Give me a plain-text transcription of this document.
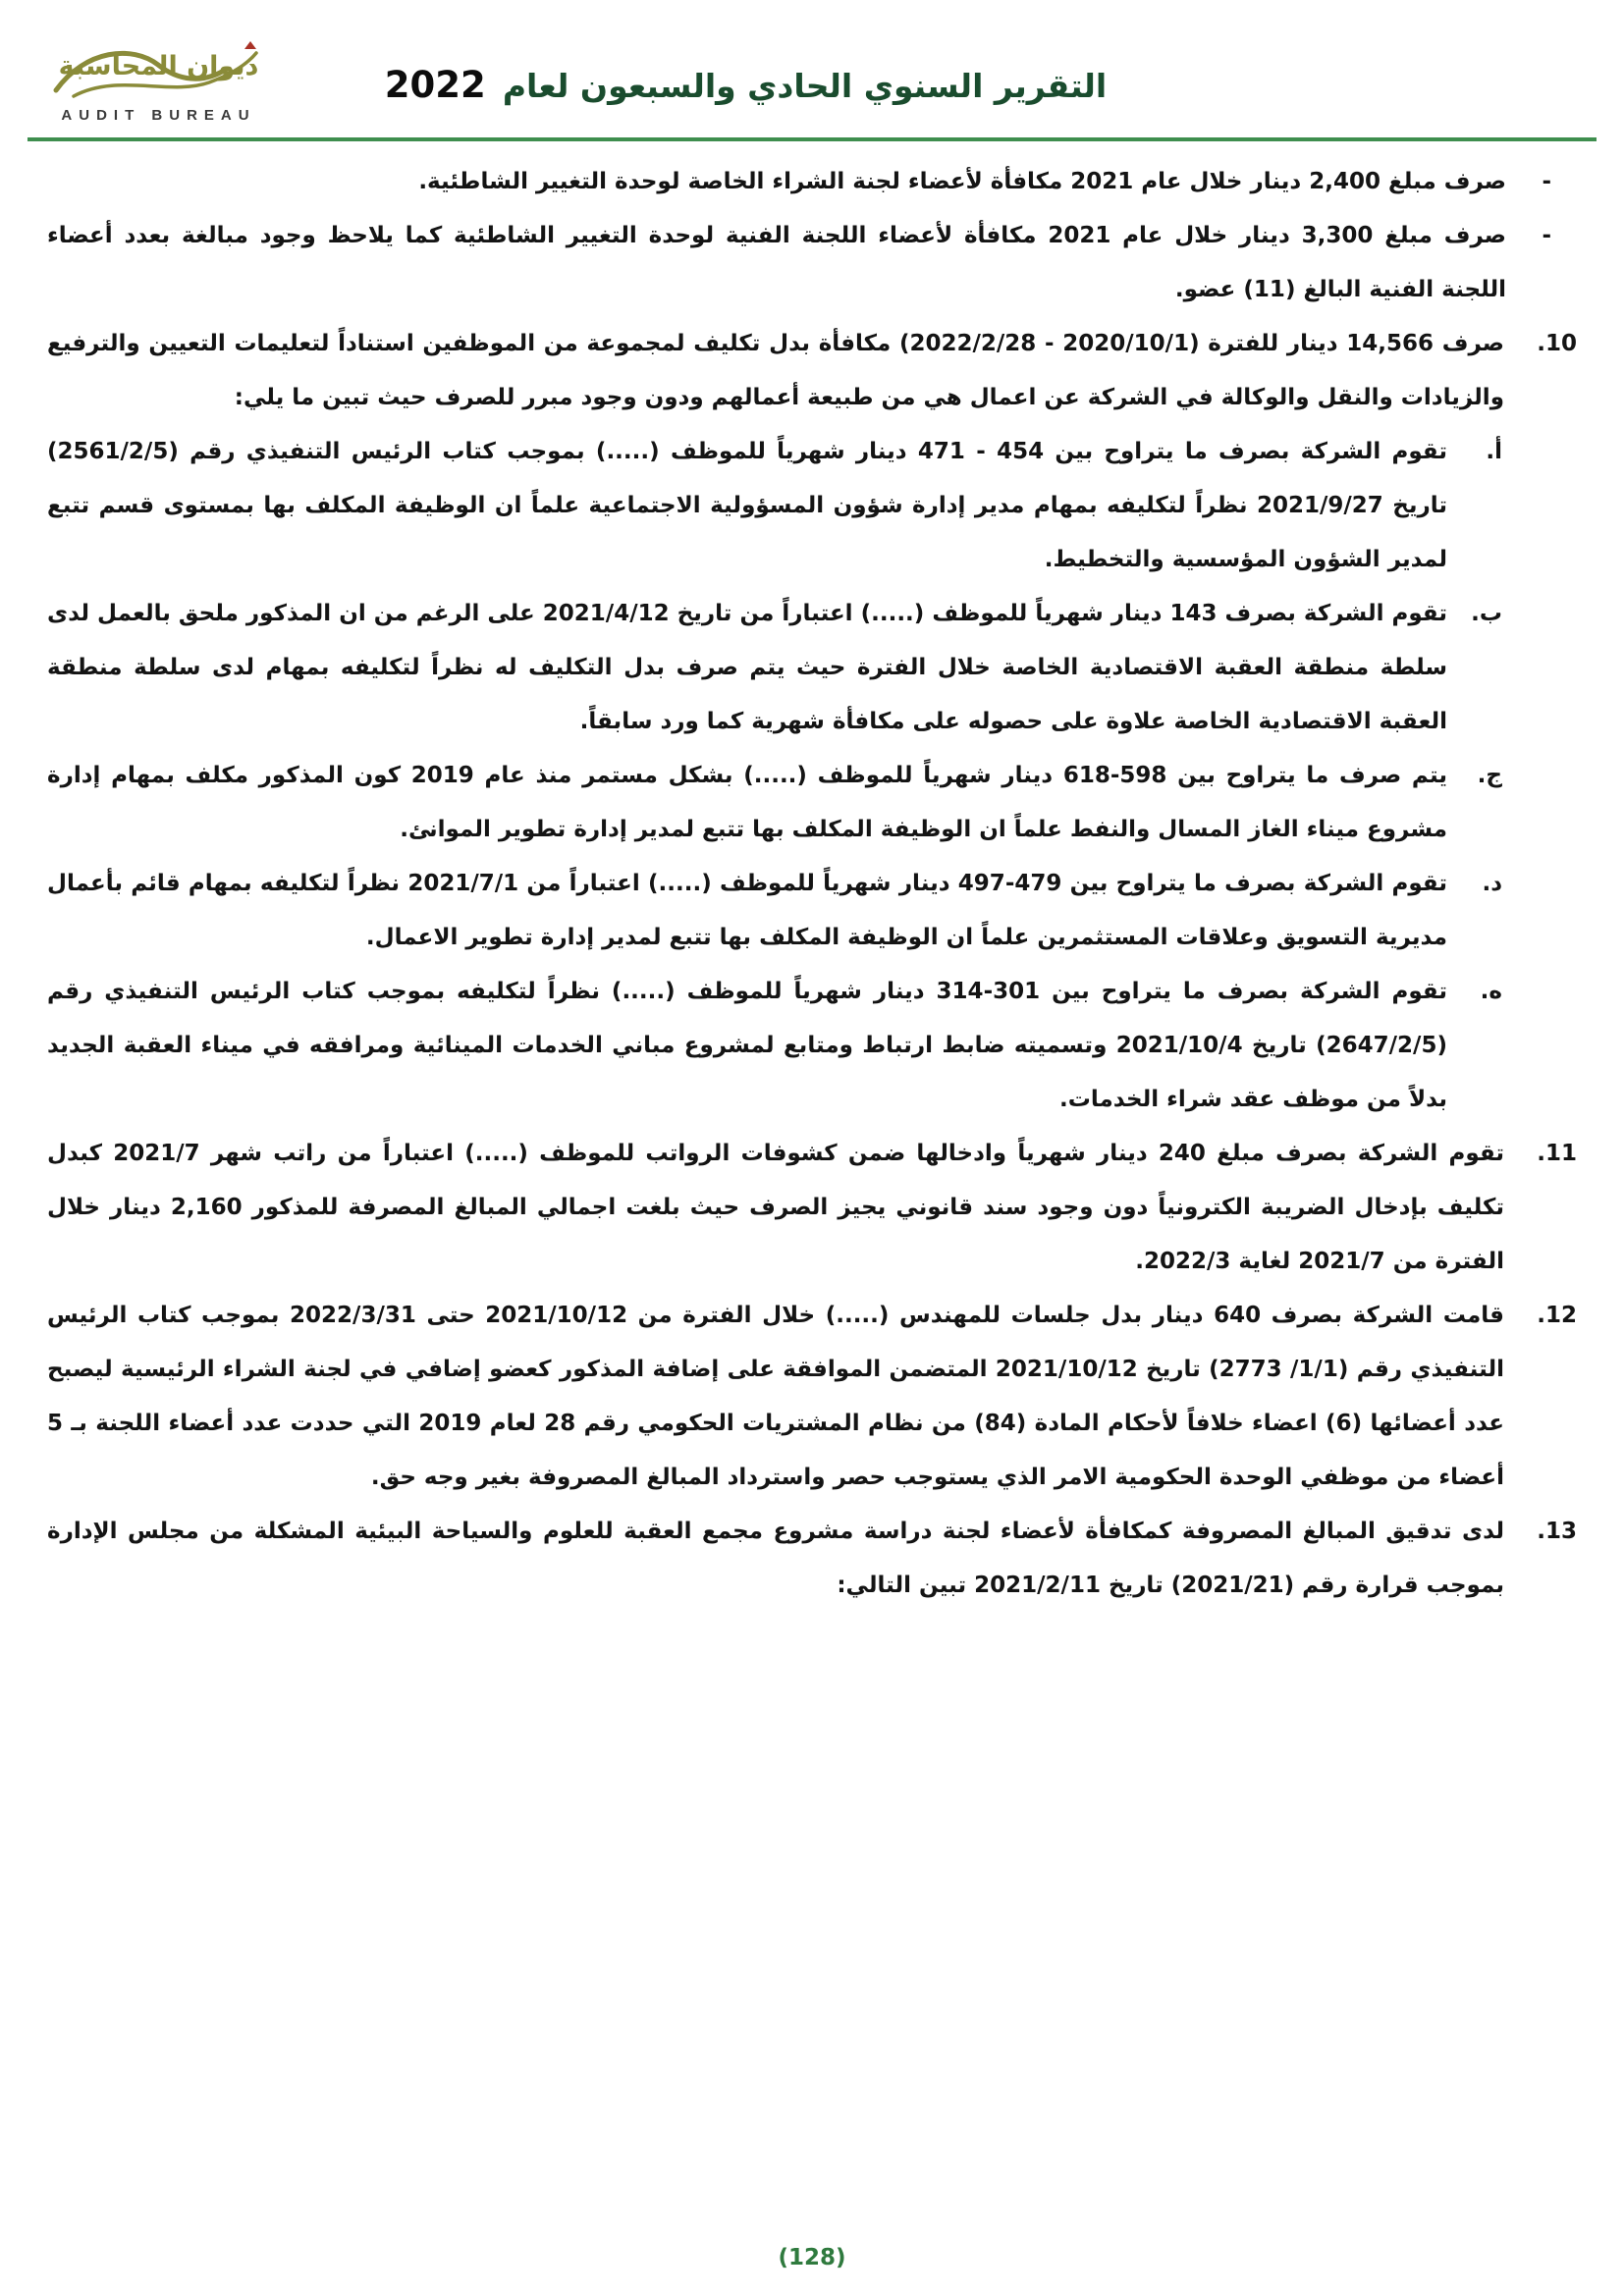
ديوان المحاسبة
AUDIT BUREAU
التقرير السنوي الحادي والسبعون لعام 2022
-

صرف مبلغ 2,400 دينار خلال عام 2021 مكافأة لأعضاء لجنة الشراء الخاصة لوحدة التغيير الشاطئية.

-

صرف مبلغ 3,300 دينار خلال عام 2021 مكافأة لأعضاء اللجنة الفنية لوحدة التغيير الشاطئية كما يلاحظ وجود مبالغة بعدد أعضاء اللجنة الفنية البالغ (11) عضو.

10.

صرف 14,566 دينار للفترة (2020/10/1 - 2022/2/28) مكافأة بدل تكليف لمجموعة من الموظفين استناداً لتعليمات التعيين والترفيع والزيادات والنقل والوكالة في الشركة عن اعمال هي من طبيعة أعمالهم ودون وجود مبرر للصرف حيث تبين ما يلي:

أ.

تقوم الشركة بصرف ما يتراوح بين 454 - 471 دينار شهرياً للموظف (.....) بموجب كتاب الرئيس التنفيذي رقم (2561/2/5) تاريخ 2021/9/27 نظراً لتكليفه بمهام مدير إدارة شؤون المسؤولية الاجتماعية علماً ان الوظيفة المكلف بها بمستوى قسم تتبع لمدير الشؤون المؤسسية والتخطيط.

ب.

تقوم الشركة بصرف 143 دينار شهرياً للموظف (.....) اعتباراً من تاريخ 2021/4/12 على الرغم من ان المذكور ملحق بالعمل لدى سلطة منطقة العقبة الاقتصادية الخاصة خلال الفترة حيث يتم صرف بدل التكليف له نظراً لتكليفه بمهام لدى سلطة منطقة العقبة الاقتصادية الخاصة علاوة على حصوله على مكافأة شهرية كما ورد سابقاً.

ج.

يتم صرف ما يتراوح بين 598-618 دينار شهرياً للموظف (.....) بشكل مستمر منذ عام 2019 كون المذكور مكلف بمهام إدارة مشروع ميناء الغاز المسال والنفط علماً ان الوظيفة المكلف بها تتبع لمدير إدارة تطوير الموانئ.

د.

تقوم الشركة بصرف ما يتراوح بين 479-497 دينار شهرياً للموظف (.....) اعتباراً من 2021/7/1 نظراً لتكليفه بمهام قائم بأعمال مديرية التسويق وعلاقات المستثمرين علماً ان الوظيفة المكلف بها تتبع لمدير إدارة تطوير الاعمال.

ه.

تقوم الشركة بصرف ما يتراوح بين 301-314 دينار شهرياً للموظف (.....) نظراً لتكليفه بموجب كتاب الرئيس التنفيذي رقم (2647/2/5) تاريخ 2021/10/4 وتسميته ضابط ارتباط ومتابع لمشروع مباني الخدمات المينائية ومرافقه في ميناء العقبة الجديد بدلاً من موظف عقد شراء الخدمات.

11.

تقوم الشركة بصرف مبلغ 240 دينار شهرياً وادخالها ضمن كشوفات الرواتب للموظف (.....) اعتباراً من راتب شهر 2021/7 كبدل تكليف بإدخال الضريبة الكترونياً دون وجود سند قانوني يجيز الصرف حيث بلغت اجمالي المبالغ المصرفة للمذكور 2,160 دينار خلال الفترة من 2021/7 لغاية 2022/3.

12.

قامت الشركة بصرف 640 دينار بدل جلسات للمهندس (.....) خلال الفترة من 2021/10/12 حتى 2022/3/31 بموجب كتاب الرئيس التنفيذي رقم (1/1/ 2773) تاريخ 2021/10/12 المتضمن الموافقة على إضافة المذكور كعضو إضافي في لجنة الشراء الرئيسية ليصبح عدد أعضائها (6) اعضاء خلافاً لأحكام المادة (84) من نظام المشتريات الحكومي رقم 28 لعام 2019 التي حددت عدد أعضاء اللجنة بـ 5 أعضاء من موظفي الوحدة الحكومية الامر الذي يستوجب حصر واسترداد المبالغ المصروفة بغير وجه حق.

13.

لدى تدقيق المبالغ المصروفة كمكافأة لأعضاء لجنة دراسة مشروع مجمع العقبة للعلوم والسياحة البيئية المشكلة من مجلس الإدارة بموجب قرارة رقم (2021/21) تاريخ 2021/2/11 تبين التالي:

(128)
